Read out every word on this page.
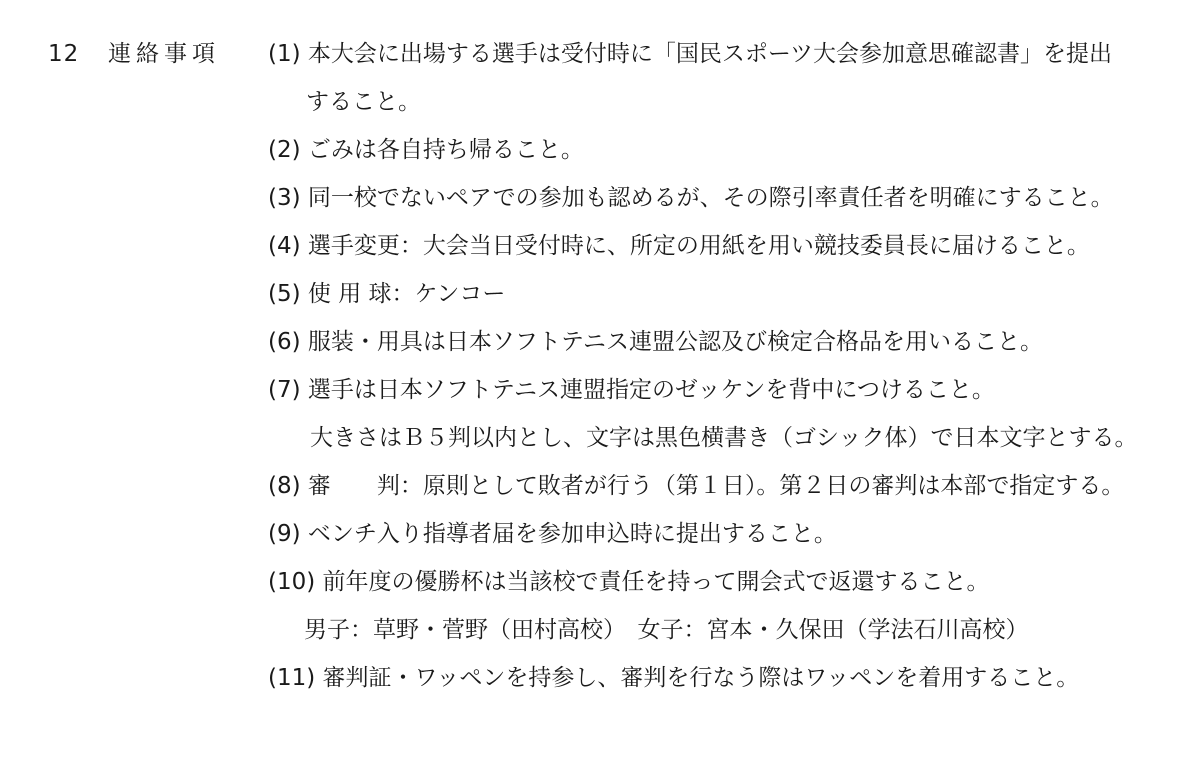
12 連絡事項 (1) 本大会に出場する選手は受付時に「国民スポーツ大会参加意思確認書」を提出
すること。
(2) ごみは各自持ち帰ること。
(3) 同一校でないペアでの参加も認めるが、その際引率責任者を明確にすること。
(4) 選手変更：大会当日受付時に、所定の用紙を用い競技委員長に届けること。
(5) 使 用 球：ケンコー
(6) 服装・用具は日本ソフトテニス連盟公認及び検定合格品を用いること。
(7) 選手は日本ソフトテニス連盟指定のゼッケンを背中につけること。
大きさはＢ５判以内とし、文字は黒色横書き（ゴシック体）で日本文字とする。
(8) 審　　判：原則として敗者が行う（第１日）。第２日の審判は本部で指定する。
(9) ベンチ入り指導者届を参加申込時に提出すること。
(10) 前年度の優勝杯は当該校で責任を持って開会式で返還すること。
男子：草野・菅野（田村高校）　女子：宮本・久保田（学法石川高校）
(11) 審判証・ワッペンを持参し、審判を行なう際はワッペンを着用すること。
